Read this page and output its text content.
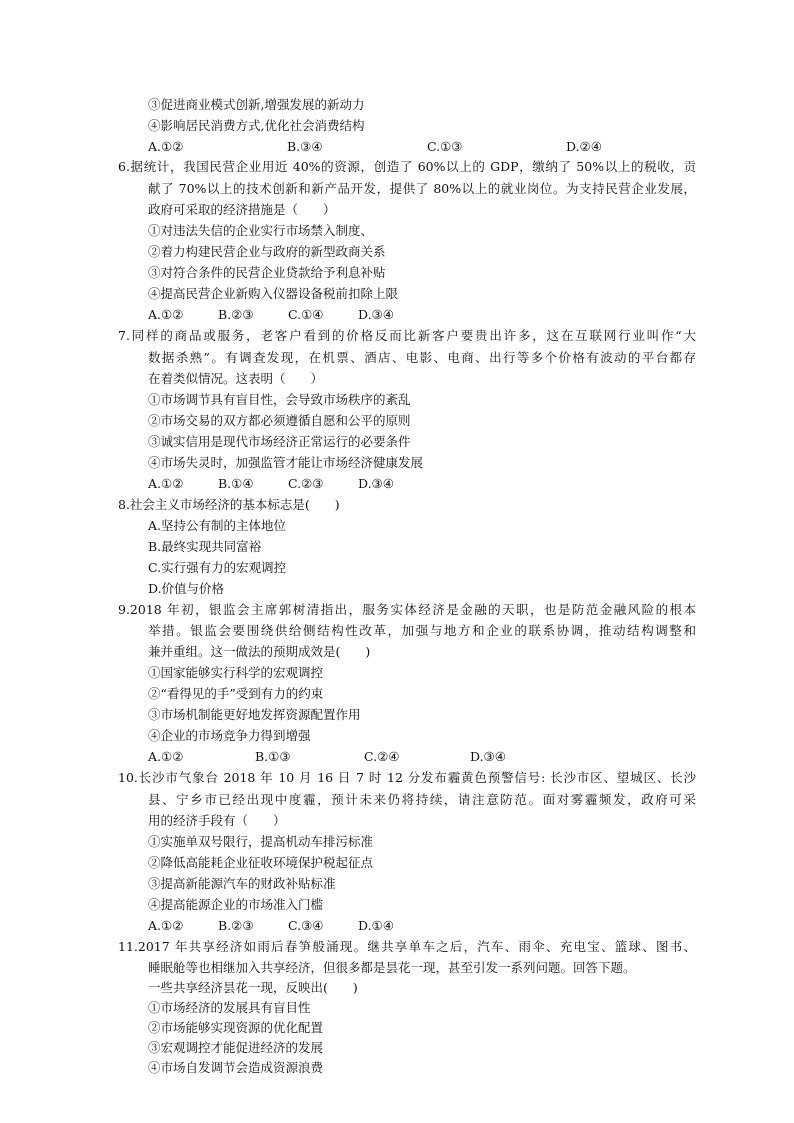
③促进商业模式创新,增强发展的新动力
④影响居民消费方式,优化社会消费结构
A.①②	B.③④	C.①③	D.②④
6.据统计，我国民营企业用近 40%的资源，创造了 60%以上的 GDP，缴纳了 50%以上的税收，贡
献了 70%以上的技术创新和新产品开发，提供了 80%以上的就业岗位。为支持民营企业发展，
政府可采取的经济措施是（　　）
①对违法失信的企业实行市场禁入制度、
②着力构建民营企业与政府的新型政商关系
③对符合条件的民营企业贷款给予利息补贴
④提高民营企业新购入仪器设备税前扣除上限
A.①②	B.②③	C.①④	D.③④
7.同样的商品或服务，老客户看到的价格反而比新客户要贵出许多，这在互联网行业叫作“大
数据杀熟”。有调查发现，在机票、酒店、电影、电商、出行等多个价格有波动的平台都存
在着类似情况。这表明（　　）
①市场调节具有盲目性，会导致市场秩序的紊乱
②市场交易的双方都必须遵循自愿和公平的原则
③诚实信用是现代市场经济正常运行的必要条件
④市场失灵时，加强监管才能让市场经济健康发展
A.①②	B.①④	C.②③	D.③④
8.社会主义市场经济的基本标志是(　　)
A.坚持公有制的主体地位
B.最终实现共同富裕
C.实行强有力的宏观调控
D.价值与价格
9.2018 年初，银监会主席郭树清指出，服务实体经济是金融的天职，也是防范金融风险的根本
举措。银监会要围绕供给侧结构性改革，加强与地方和企业的联系协调，推动结构调整和
兼并重组。这一做法的预期成效是(　　)
①国家能够实行科学的宏观调控
②“看得见的手”受到有力的约束
③市场机制能更好地发挥资源配置作用
④企业的市场竞争力得到增强
A.①②	B.①③	C.②④	D.③④
10.长沙市气象台 2018 年 10 月 16 日 7 时 12 分发布霾黄色预警信号: 长沙市区、望城区、长沙
县、宁乡市已经出现中度霾，预计未来仍将持续，请注意防范。面对雾霾频发，政府可采
用的经济手段有（　　）
①实施单双号限行，提高机动车排污标准
②降低高能耗企业征收环境保护税起征点
③提高新能源汽车的财政补贴标准
④提高能源企业的市场准入门槛
A.①②	B.②③	C.③④	D.①④
11.2017 年共享经济如雨后春笋般涌现。继共享单车之后，汽车、雨伞、充电宝、篮球、图书、
睡眠舱等也相继加入共享经济，但很多都是昙花一现，甚至引发一系列问题。回答下题。
一些共享经济昙花一现，反映出(　　)
①市场经济的发展具有盲目性
②市场能够实现资源的优化配置
③宏观调控才能促进经济的发展
④市场自发调节会造成资源浪费
